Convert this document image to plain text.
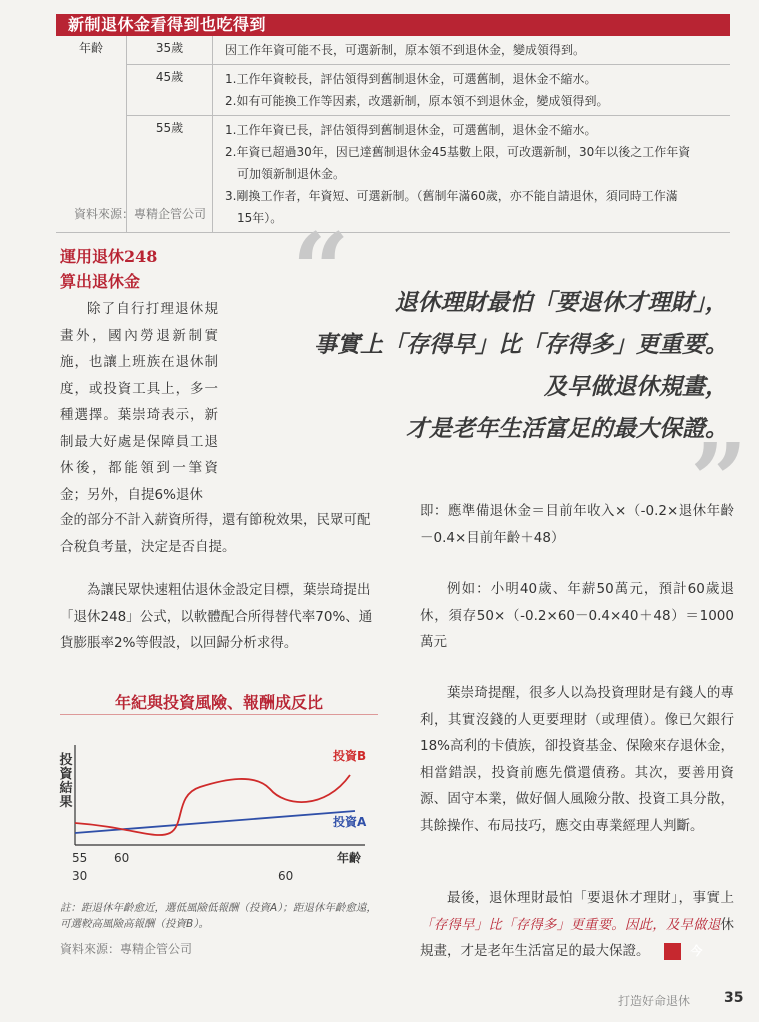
新制退休金看得到也吃得到
年齡	35歲	因工作年資可能不長，可選新制，原本領不到退休金，變成領得到。

	45歲	1.工作年資較長，評估領得到舊制退休金，可選舊制，退休金不縮水。
2.如有可能換工作等因素，改選新制，原本領不到退休金，變成領得到。

	55歲	1.工作年資已長，評估領得到舊制退休金，可選舊制，退休金不縮水。
2.年資已超過30年，因已達舊制退休金45基數上限，可改選新制，30年以後之工作年資
可加領新制退休金。
3.剛換工作者，年資短、可選新制。（舊制年滿60歲，亦不能自請退休，須同時工作滿
15年）。
資料來源：專精企管公司
運用退休248
算出退休金
除了自行打理退休規畫外，國內勞退新制實施，也讓上班族在退休制度，或投資工具上，多一種選擇。葉崇琦表示，新制最大好處是保障員工退休後，都能領到一筆資金；另外，自提6%退休
金的部分不計入薪資所得，還有節稅效果，民眾可配合稅負考量，決定是否自提。
為讓民眾快速粗估退休金設定目標，葉崇琦提出「退休248」公式，以軟體配合所得替代率70%、通貨膨脹率2%等假設，以回歸分析求得。
“	退休理財最怕「要退休才理財」，
事實上「存得早」比「存得多」更重要。
及早做退休規畫，
才是老年生活富足的最大保證。
”
即：應準備退休金＝目前年收入×（-0.2×退休年齡－0.4×目前年齡＋48）
例如：小明40歲、年薪50萬元，預計60歲退休，須存50×（-0.2×60－0.4×40＋48）＝1000萬元
葉崇琦提醒，很多人以為投資理財是有錢人的專利，其實沒錢的人更要理財（或理債）。像已欠銀行18%高利的卡債族，卻投資基金、保險來存退休金，相當錯誤，投資前應先償還債務。其次，要善用資源、固守本業，做好個人風險分散、投資工具分散，其餘操作、布局技巧，應交由專業經理人判斷。
最後，退休理財最怕「要退休才理財」，事實上「存得早」比「存得多」更重要。因此，及早做退休規畫，才是老年生活富足的最大保證。	今
年紀與投資風險、報酬成反比
投資結果
投資B
投資A
55 60	年齡
30	60
註：距退休年齡愈近，選低風險低報酬（投資A）；距退休年齡愈遠，可選較高風險高報酬（投資B）。
資料來源：專精企管公司
打造好命退休 35
